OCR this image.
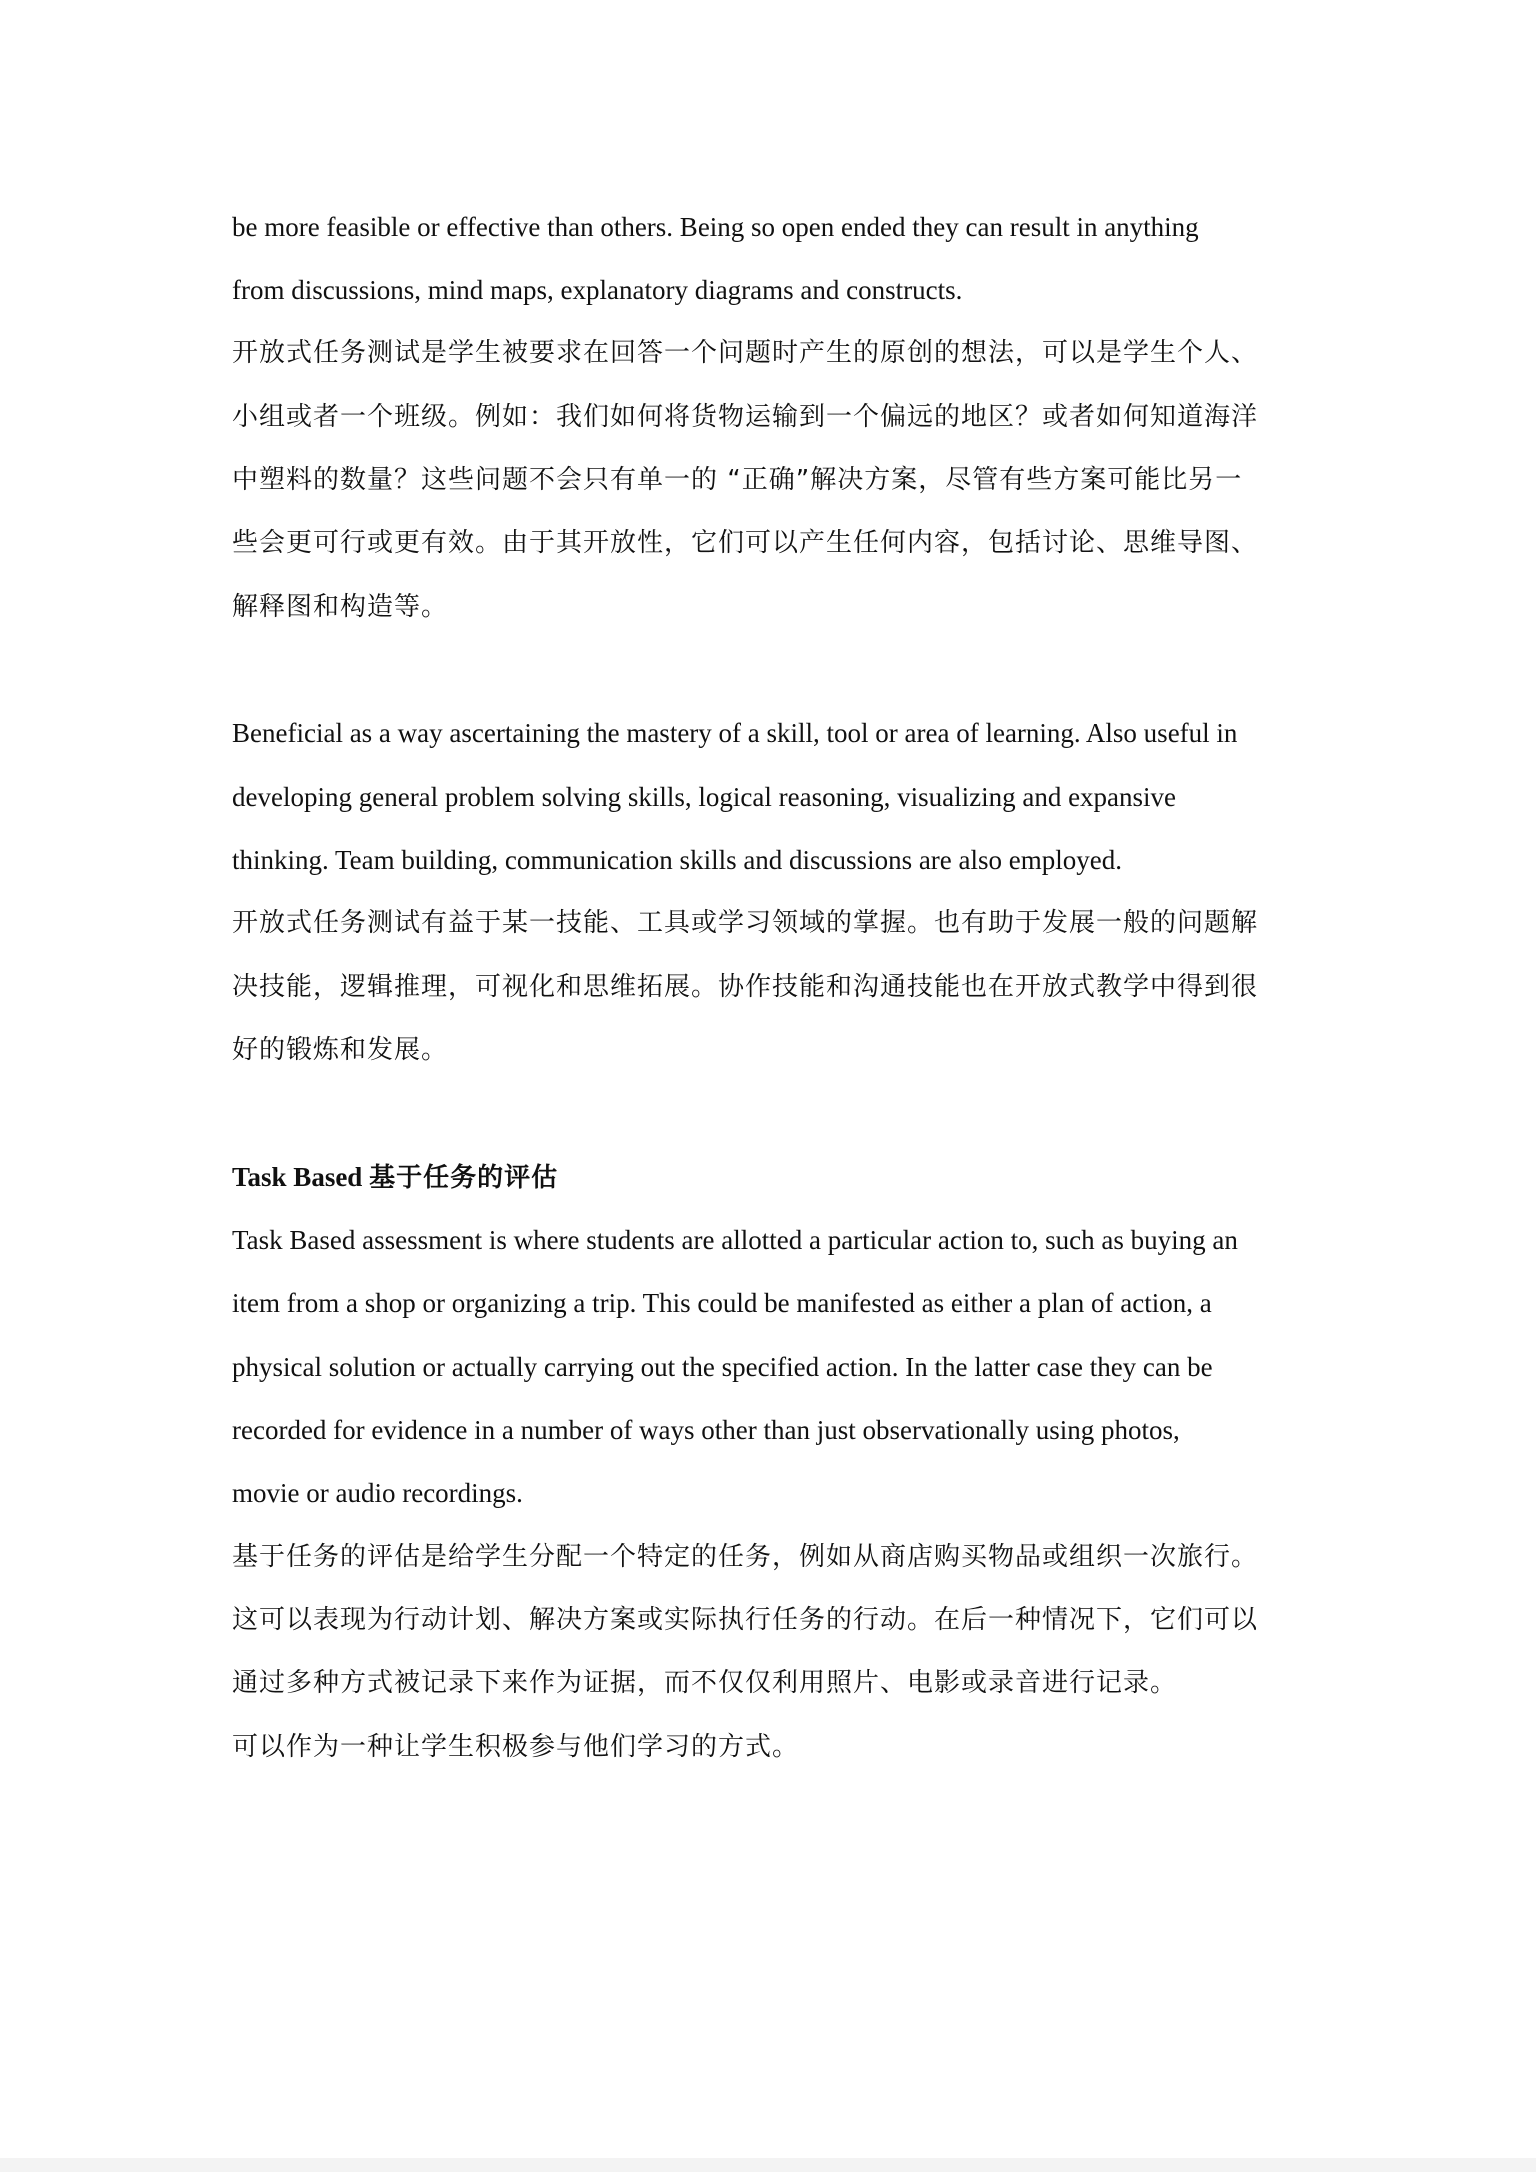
be more feasible or effective than others. Being so open ended they can result in anything
from discussions, mind maps, explanatory diagrams and constructs.
开放式任务测试是学生被要求在回答一个问题时产生的原创的想法，可以是学生个人、
小组或者一个班级。例如：我们如何将货物运输到一个偏远的地区？或者如何知道海洋
中塑料的数量？这些问题不会只有单一的 “正确”解决方案，尽管有些方案可能比另一
些会更可行或更有效。由于其开放性，它们可以产生任何内容，包括讨论、思维导图、
解释图和构造等。
Beneficial as a way ascertaining the mastery of a skill, tool or area of learning. Also useful in
developing general problem solving skills, logical reasoning, visualizing and expansive
thinking. Team building, communication skills and discussions are also employed.
开放式任务测试有益于某一技能、工具或学习领域的掌握。也有助于发展一般的问题解
决技能，逻辑推理，可视化和思维拓展。协作技能和沟通技能也在开放式教学中得到很
好的锻炼和发展。
Task Based 基于任务的评估
Task Based assessment is where students are allotted a particular action to, such as buying an
item from a shop or organizing a trip. This could be manifested as either a plan of action, a
physical solution or actually carrying out the specified action. In the latter case they can be
recorded for evidence in a number of ways other than just observationally using photos,
movie or audio recordings.
基于任务的评估是给学生分配一个特定的任务，例如从商店购买物品或组织一次旅行。
这可以表现为行动计划、解决方案或实际执行任务的行动。在后一种情况下，它们可以
通过多种方式被记录下来作为证据，而不仅仅利用照片、电影或录音进行记录。
可以作为一种让学生积极参与他们学习的方式。
